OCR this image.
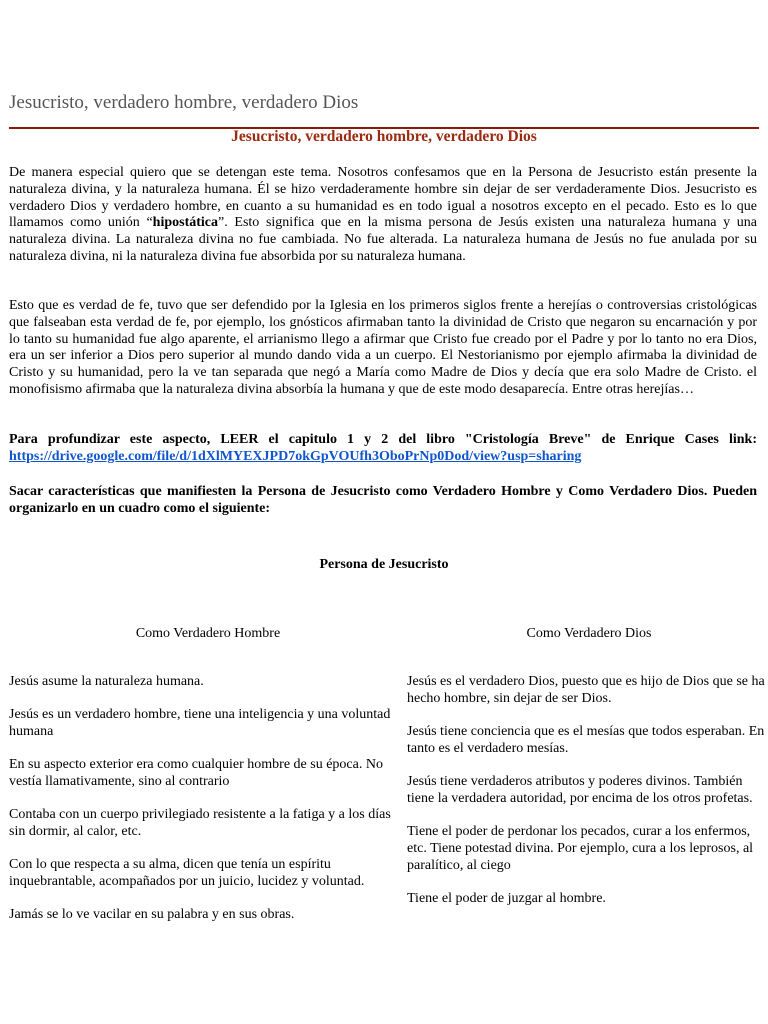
Jesucristo, verdadero hombre, verdadero Dios
Jesucristo, verdadero hombre, verdadero Dios

De manera especial quiero que se detengan este tema. Nosotros confesamos que en la Persona de Jesucristo están presente la naturaleza divina, y la naturaleza humana. Él se hizo verdaderamente hombre sin dejar de ser verdaderamente Dios. Jesucristo es verdadero Dios y verdadero hombre, en cuanto a su humanidad es en todo igual a nosotros excepto en el pecado. Esto es lo que llamamos como unión “hipostática”. Esto significa que en la misma persona de Jesús existen una naturaleza humana y una naturaleza divina. La naturaleza divina no fue cambiada. No fue alterada. La naturaleza humana de Jesús no fue anulada por su naturaleza divina, ni la naturaleza divina fue absorbida por su naturaleza humana.

Esto que es verdad de fe, tuvo que ser defendido por la Iglesia en los primeros siglos frente a herejías o controversias cristológicas que falseaban esta verdad de fe, por ejemplo, los gnósticos afirmaban tanto la divinidad de Cristo que negaron su encarnación y por lo tanto su humanidad fue algo aparente, el arrianismo llego a afirmar que Cristo fue creado por el Padre y por lo tanto no era Dios, era un ser inferior a Dios pero superior al mundo dando vida a un cuerpo. El Nestorianismo por ejemplo afirmaba la divinidad de Cristo y su humanidad, pero la ve tan separada que negó a María como Madre de Dios y decía que era solo Madre de Cristo. el monofisismo afirmaba que la naturaleza divina absorbía la humana y que de este modo desaparecía. Entre otras herejías…

Para profundizar este aspecto, LEER el capitulo 1 y 2 del libro "Cristología Breve" de Enrique Cases link: https://drive.google.com/file/d/1dXlMYEXJPD7okGpVOUfh3OboPrNp0Dod/view?usp=sharing

Sacar características que manifiesten la Persona de Jesucristo como Verdadero Hombre y Como Verdadero Dios. Pueden organizarlo en un cuadro como el siguiente:

Persona de Jesucristo
Como Verdadero Hombre	Como Verdadero Dios

Jesús asume la naturaleza humana.

Jesús es un verdadero hombre, tiene una inteligencia y una voluntad humana

En su aspecto exterior era como cualquier hombre de su época. No vestía llamativamente, sino al contrario

Contaba con un cuerpo privilegiado resistente a la fatiga y a los días sin dormir, al calor, etc.

Con lo que respecta a su alma, dicen que tenía un espíritu inquebrantable, acompañados por un juicio, lucidez y voluntad.

Jamás se lo ve vacilar en su palabra y en sus obras.

Jesús es el verdadero Dios, puesto que es hijo de Dios que se ha hecho hombre, sin dejar de ser Dios.

Jesús tiene conciencia que es el mesías que todos esperaban. En tanto es el verdadero mesías.

Jesús tiene verdaderos atributos y poderes divinos. También tiene la verdadera autoridad, por encima de los otros profetas.

Tiene el poder de perdonar los pecados, curar a los enfermos, etc. Tiene potestad divina. Por ejemplo, cura a los leprosos, al paralítico, al ciego

Tiene el poder de juzgar al hombre.
